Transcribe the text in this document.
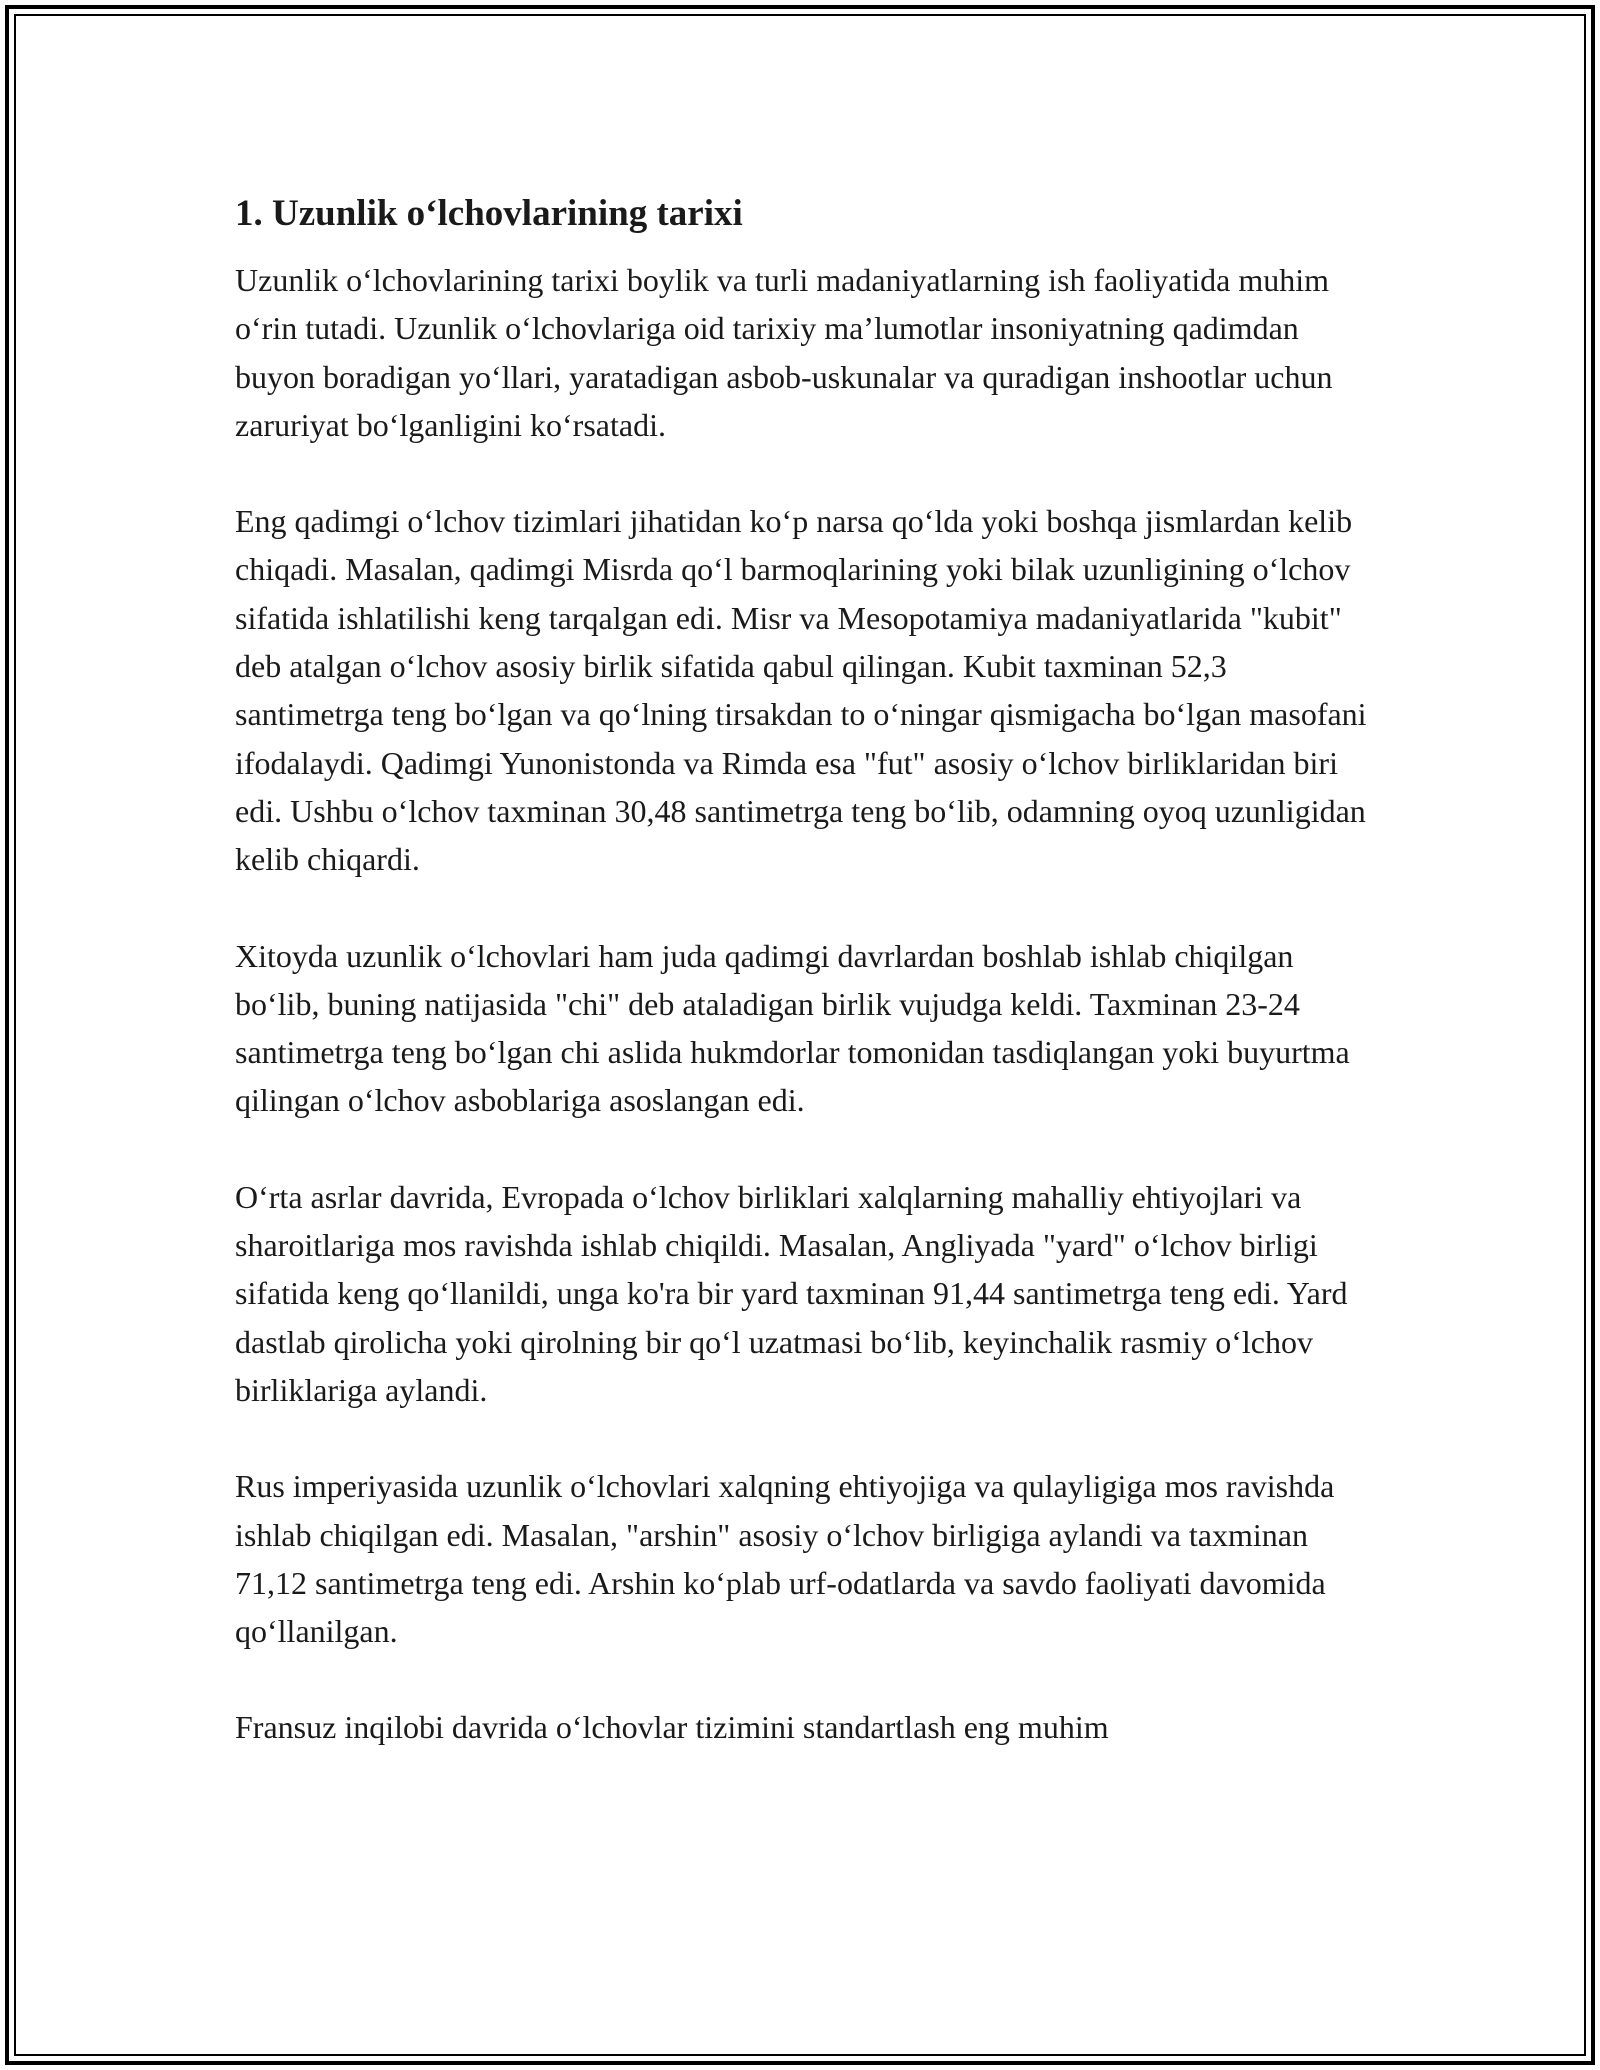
1. Uzunlik o‘lchovlarining tarixi

Uzunlik o‘lchovlarining tarixi boylik va turli madaniyatlarning ish faoliyatida muhim o‘rin tutadi. Uzunlik o‘lchovlariga oid tarixiy ma’lumotlar insoniyatning qadimdan buyon boradigan yo‘llari, yaratadigan asbob-uskunalar va quradigan inshootlar uchun zaruriyat bo‘lganligini ko‘rsatadi.

Eng qadimgi o‘lchov tizimlari jihatidan ko‘p narsa qo‘lda yoki boshqa jismlardan kelib chiqadi. Masalan, qadimgi Misrda qo‘l barmoqlarining yoki bilak uzunligining o‘lchov sifatida ishlatilishi keng tarqalgan edi. Misr va Mesopotamiya madaniyatlarida "kubit" deb atalgan o‘lchov asosiy birlik sifatida qabul qilingan. Kubit taxminan 52,3 santimetrga teng bo‘lgan va qo‘lning tirsakdan to o‘ningar qismigacha bo‘lgan masofani ifodalaydi. Qadimgi Yunonistonda va Rimda esa "fut" asosiy o‘lchov birliklaridan biri edi. Ushbu o‘lchov taxminan 30,48 santimetrga teng bo‘lib, odamning oyoq uzunligidan kelib chiqardi.

Xitoyda uzunlik o‘lchovlari ham juda qadimgi davrlardan boshlab ishlab chiqilgan bo‘lib, buning natijasida "chi" deb ataladigan birlik vujudga keldi. Taxminan 23-24 santimetrga teng bo‘lgan chi aslida hukmdorlar tomonidan tasdiqlangan yoki buyurtma qilingan o‘lchov asboblariga asoslangan edi.

O‘rta asrlar davrida, Evropada o‘lchov birliklari xalqlarning mahalliy ehtiyojlari va sharoitlariga mos ravishda ishlab chiqildi. Masalan, Angliyada "yard" o‘lchov birligi sifatida keng qo‘llanildi, unga ko'ra bir yard taxminan 91,44 santimetrga teng edi. Yard dastlab qirolicha yoki qirolning bir qo‘l uzatmasi bo‘lib, keyinchalik rasmiy o‘lchov birliklariga aylandi.

Rus imperiyasida uzunlik o‘lchovlari xalqning ehtiyojiga va qulayligiga mos ravishda ishlab chiqilgan edi. Masalan, "arshin" asosiy o‘lchov birligiga aylandi va taxminan 71,12 santimetrga teng edi. Arshin ko‘plab urf-odatlarda va savdo faoliyati davomida qo‘llanilgan.

Fransuz inqilobi davrida o‘lchovlar tizimini standartlash eng muhim
